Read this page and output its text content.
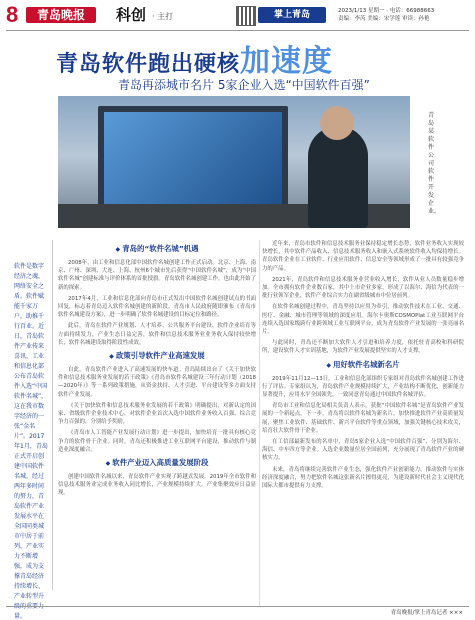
8	青岛晚报	科创 · 主打	掌上青岛	2023/1/13 星期一 · 电话：66988663
责编：李芮 美编：宋学莲 审读：孙艳
青岛软件跑出硬核加速度
青岛再添城市名片 5家企业入选“中国软件百强”
青岛某软件公司软件开发企业。
软件是数字经济之魂，网络安全之盾。软件赋能千家万户，助推千行百业。近日，青岛软件产业传来喜讯，工业和信息化部公布青岛软件入选“中国软件名城”，这在我市数字经济的一张“金名片”。2017年1月，青岛正式开启创建中国软件名城，经过两年多时间的努力，青岛软件产业发展水平在全国同类城市中居于前列，产业实力不断增强，成为支撑青岛经济持续增长、产业转型升 量。
◆ 青岛的“软件名城”机遇

2008年，由工业和信息化部中国软件名城创建工作正式启动。北京、上海、南京、广州、深圳、大连、上海、杭州6个城市先后获得“中国软件名城”，成为“中国软件名城”创建标准与评价体系的首批授旗。青岛软件名城创建工作，也由此开始了新的探索。

2017年4月，工业和信息化部向青岛市正式发出中国软件名城创建试点的书面回复，标志着青岛迈入软件名城创建的新阶段。青岛市人民政府随即颁布《青岛市软件名城建设方案》，进一步明确了软件名城建设的目标定位和路径。

此后，青岛在软件产业规划、人才培养、公共服务平台建设、软件企业培育等方面持续发力，产业生态日益完善，软件和信息技术服务业业务收入保持较快增长，软件名城建设取得阶段性成效。

◆ 政策引导软件产业高速发展

自此，青岛软件产业进入了高速发展的快车道。青岛陆续出台了《关于加快软件和信息技术服务业发展的若干政策》《青岛市软件名城建设三年行动计划（2018—2020年）》等一系列政策措施，从资金扶持、人才引进、平台建设等多方面支持软件产业发展。

《关于加快软件和信息技术服务业发展的若干政策》明确提出，对新认定的国家、省级软件企业技术中心，对软件企业首次入选中国软件业务收入百强、综合竞争力百强的，分别给予奖励。

《青岛市人工智能产业发展行动计划》进一步提出，加快培育一批具有核心竞争力的软件骨干企业。同时，青岛还积极推进工业互联网平台建设，推动软件与制造业深度融合。

◆ 软件产业迈入高质量发展阶段

创建中国软件名城以来，青岛软件产业实现了跨越式发展。2019年全市软件和信息技术服务业完成业务收入同比增长，产业规模持续扩大，产业集聚效应日益显现。

近年来，青岛市软件和信息技术服务业保持稳定增长态势，软件业务收入实现较快增长，其中软件产品收入、信息技术服务收入和嵌入式系统软件收入均保持增长。青岛软件企业在工业软件、行业应用软件、信息安全等领域形成了一批具有较强竞争力的产品。

2021年，青岛软件和信息技术服务业营业收入增长，软件从业人员数量稳步增加。全市拥有软件企业数百家，其中上市企业多家，形成了以海尔、海信为代表的一批行业领军企业，软件产业综合实力在副省级城市中位居前列。

在软件名城创建过程中，青岛坚持以应用为牵引，推动软件技术在工业、交通、医疗、金融、城市管理等领域的深度应用。海尔卡奥斯COSMOPlat工业互联网平台连续入选国家级跨行业跨领域工业互联网平台，成为青岛软件产业发展的一张亮丽名片。

与此同时，青岛还不断加大软件人才引进和培养力度，依托驻青高校和科研院所，建设软件人才实训基地，为软件产业发展提供坚实的人才支撑。

◆ 用好软件名城新名片

2019年11月12—13日，工业和信息化部组织专家组对青岛软件名城创建工作进行了评估。专家组认为，青岛软件产业规模持续扩大，产业结构不断优化，创新能力显著提升，应用水平全国领先，一致同意青岛通过中国软件名城评估。

青岛市工业和信息化局相关负责人表示，获批“中国软件名城”是青岛软件产业发展的一个新起点。下一步，青岛将以软件名城为新名片，加快推进软件产业高质量发展，聚焦工业软件、基础软件、新兴平台软件等重点领域，加强关键核心技术攻关，培育壮大软件骨干企业。

在工信部最新发布的名单中，青岛5家企业入选“中国软件百强”，分别为海尔、海信、中车四方等企业。入选企业数量位居全国前列，充分展现了青岛软件产业的硬核实力。

未来，青岛将继续完善软件产业生态，强化软件产业创新能力，推动软件与实体经济深度融合，努力把软件名城这张新名片擦得更亮，为建设新时代社会主义现代化国际大都市提供有力支撑。

青岛晚报/掌上青岛记者 ×××
